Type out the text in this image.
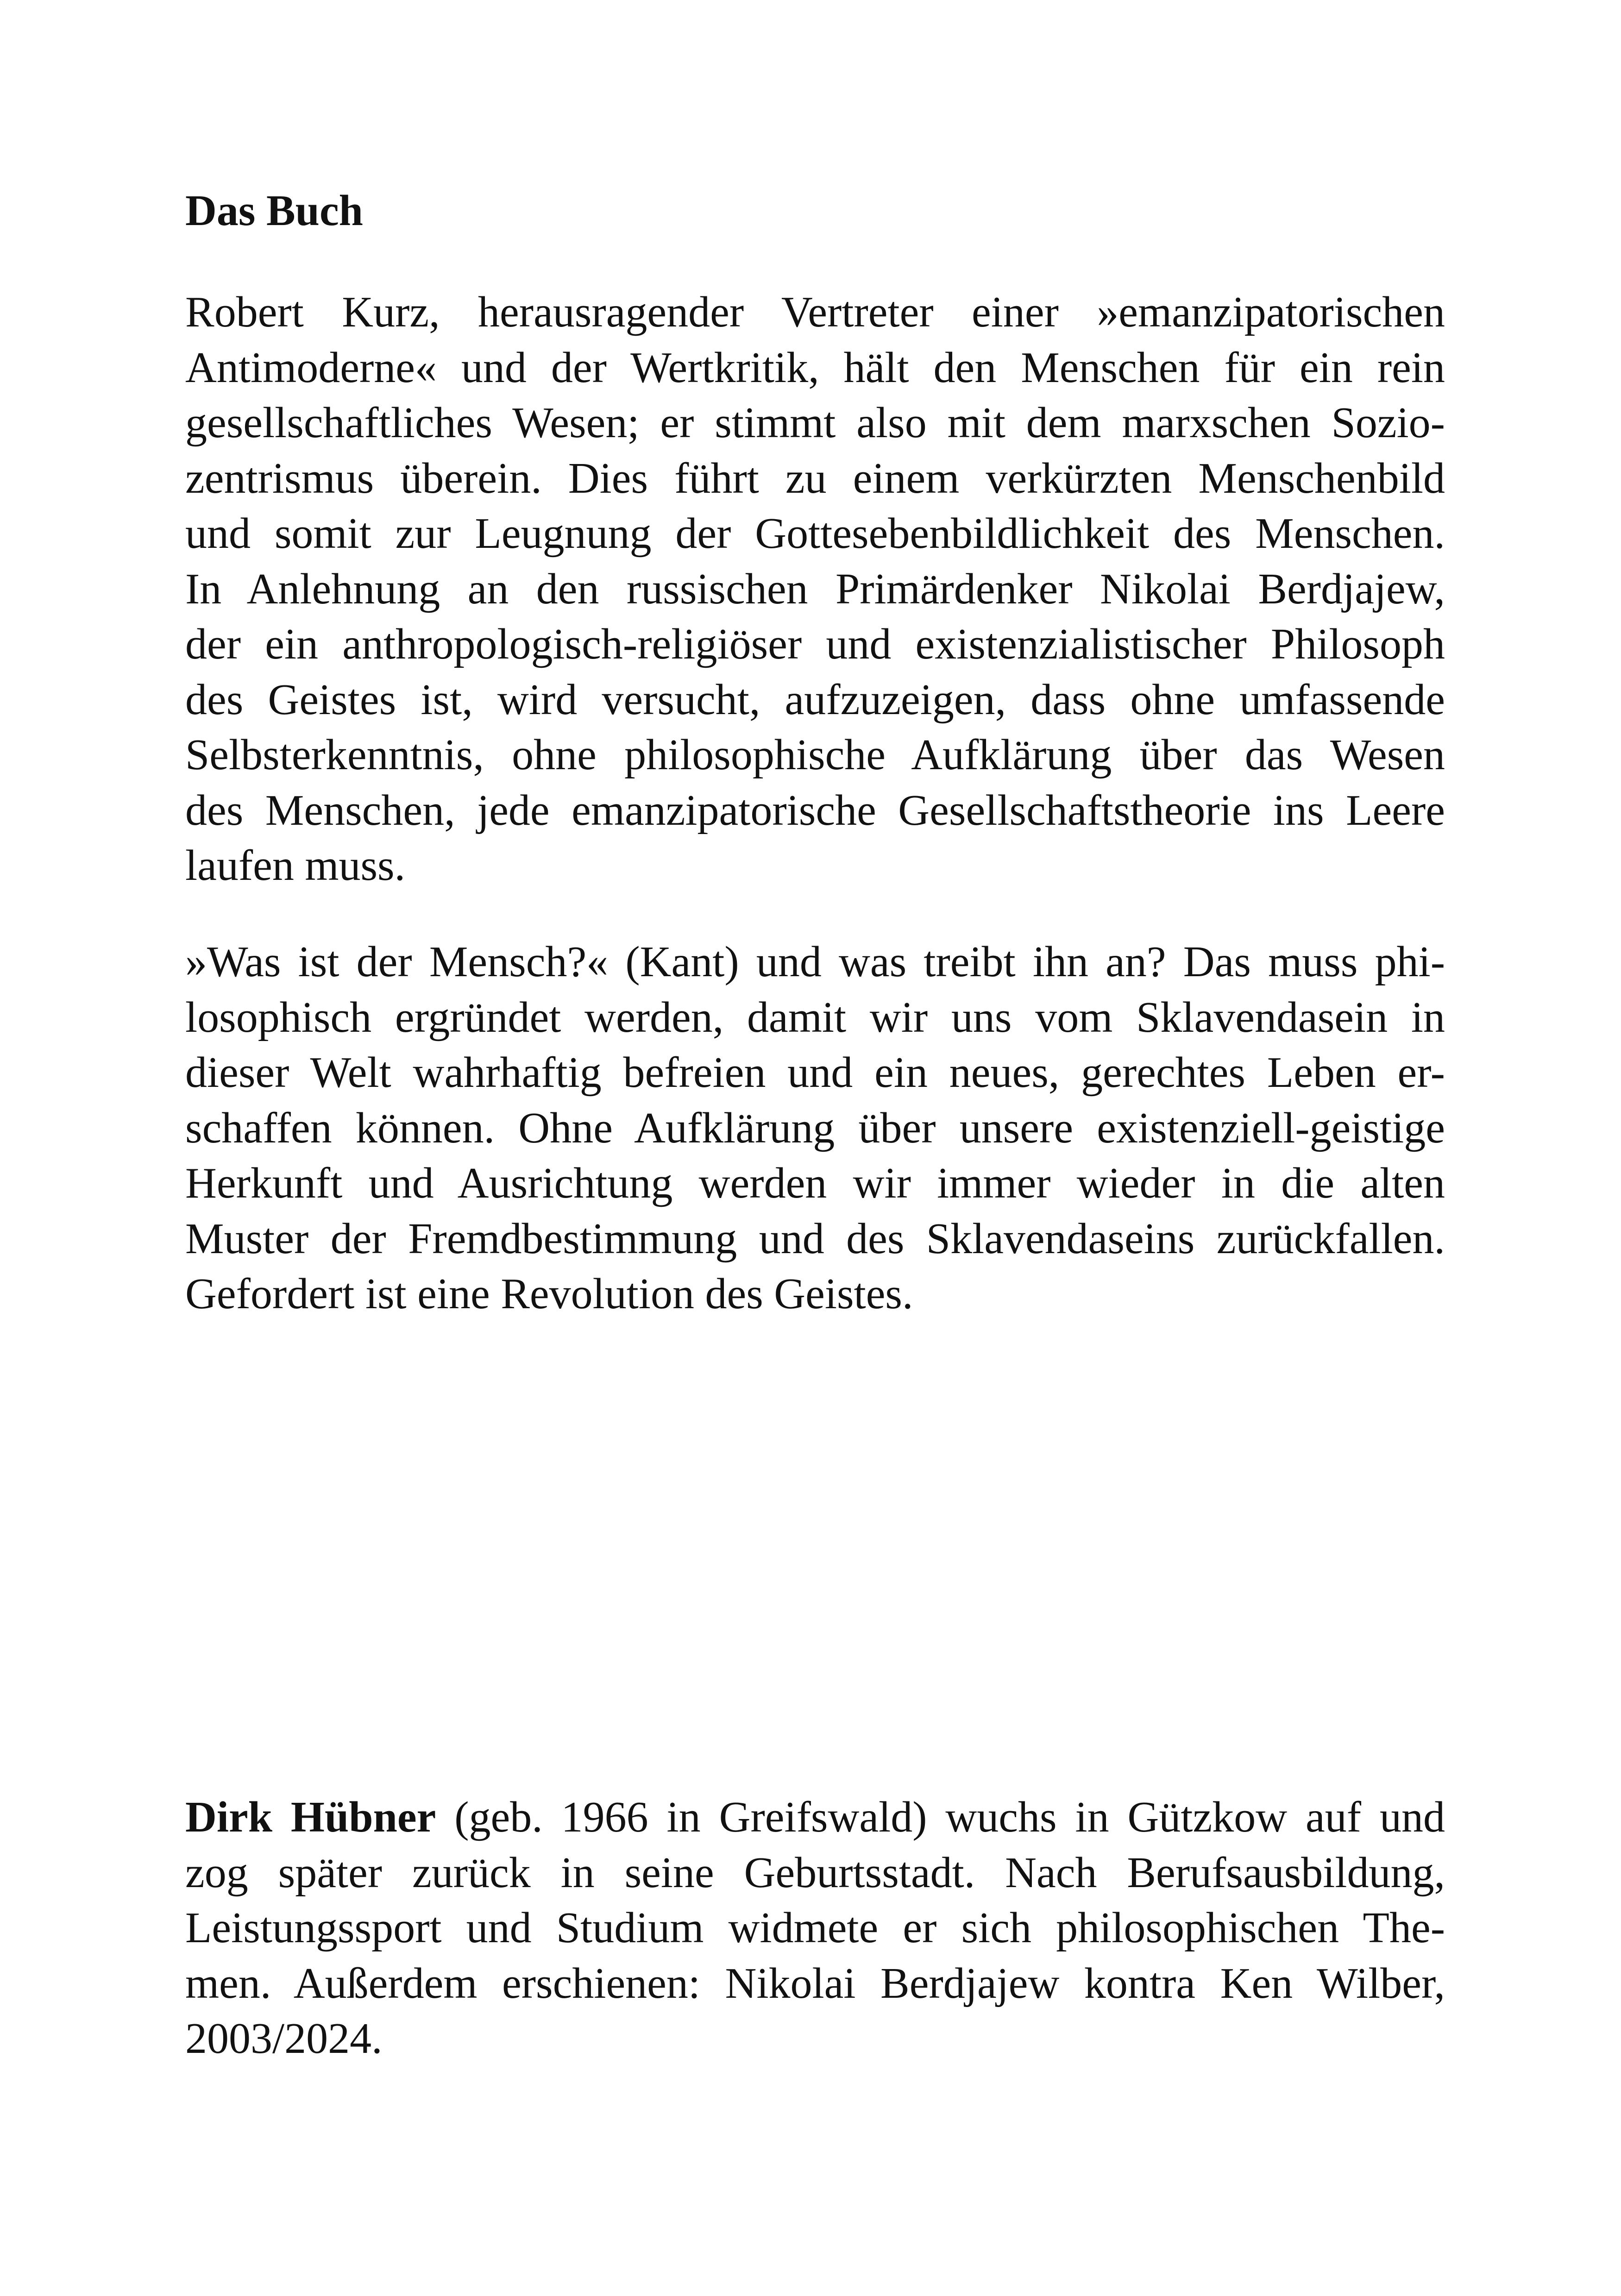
Das Buch
Robert Kurz, herausragender Vertreter einer »emanzipatorischen
Antimoderne« und der Wertkritik, hält den Menschen für ein rein
gesellschaftliches Wesen; er stimmt also mit dem marxschen Sozio-
zentrismus überein. Dies führt zu einem verkürzten Menschenbild
und somit zur Leugnung der Gottesebenbildlichkeit des Menschen.
In Anlehnung an den russischen Primärdenker Nikolai Berdjajew,
der ein anthropologisch-religiöser und existenzialistischer Philosoph
des Geistes ist, wird versucht, aufzuzeigen, dass ohne umfassende
Selbsterkenntnis, ohne philosophische Aufklärung über das Wesen
des Menschen, jede emanzipatorische Gesellschaftstheorie ins Leere
laufen muss.
»Was ist der Mensch?« (Kant) und was treibt ihn an? Das muss phi-
losophisch ergründet werden, damit wir uns vom Sklavendasein in
dieser Welt wahrhaftig befreien und ein neues, gerechtes Leben er-
schaffen können. Ohne Aufklärung über unsere existenziell-geistige
Herkunft und Ausrichtung werden wir immer wieder in die alten
Muster der Fremdbestimmung und des Sklavendaseins zurückfallen.
Gefordert ist eine Revolution des Geistes.
Dirk Hübner (geb. 1966 in Greifswald) wuchs in Gützkow auf und
zog später zurück in seine Geburtsstadt. Nach Berufsausbildung,
Leistungssport und Studium widmete er sich philosophischen The-
men. Außerdem erschienen: Nikolai Berdjajew kontra Ken Wilber,
2003/2024.
